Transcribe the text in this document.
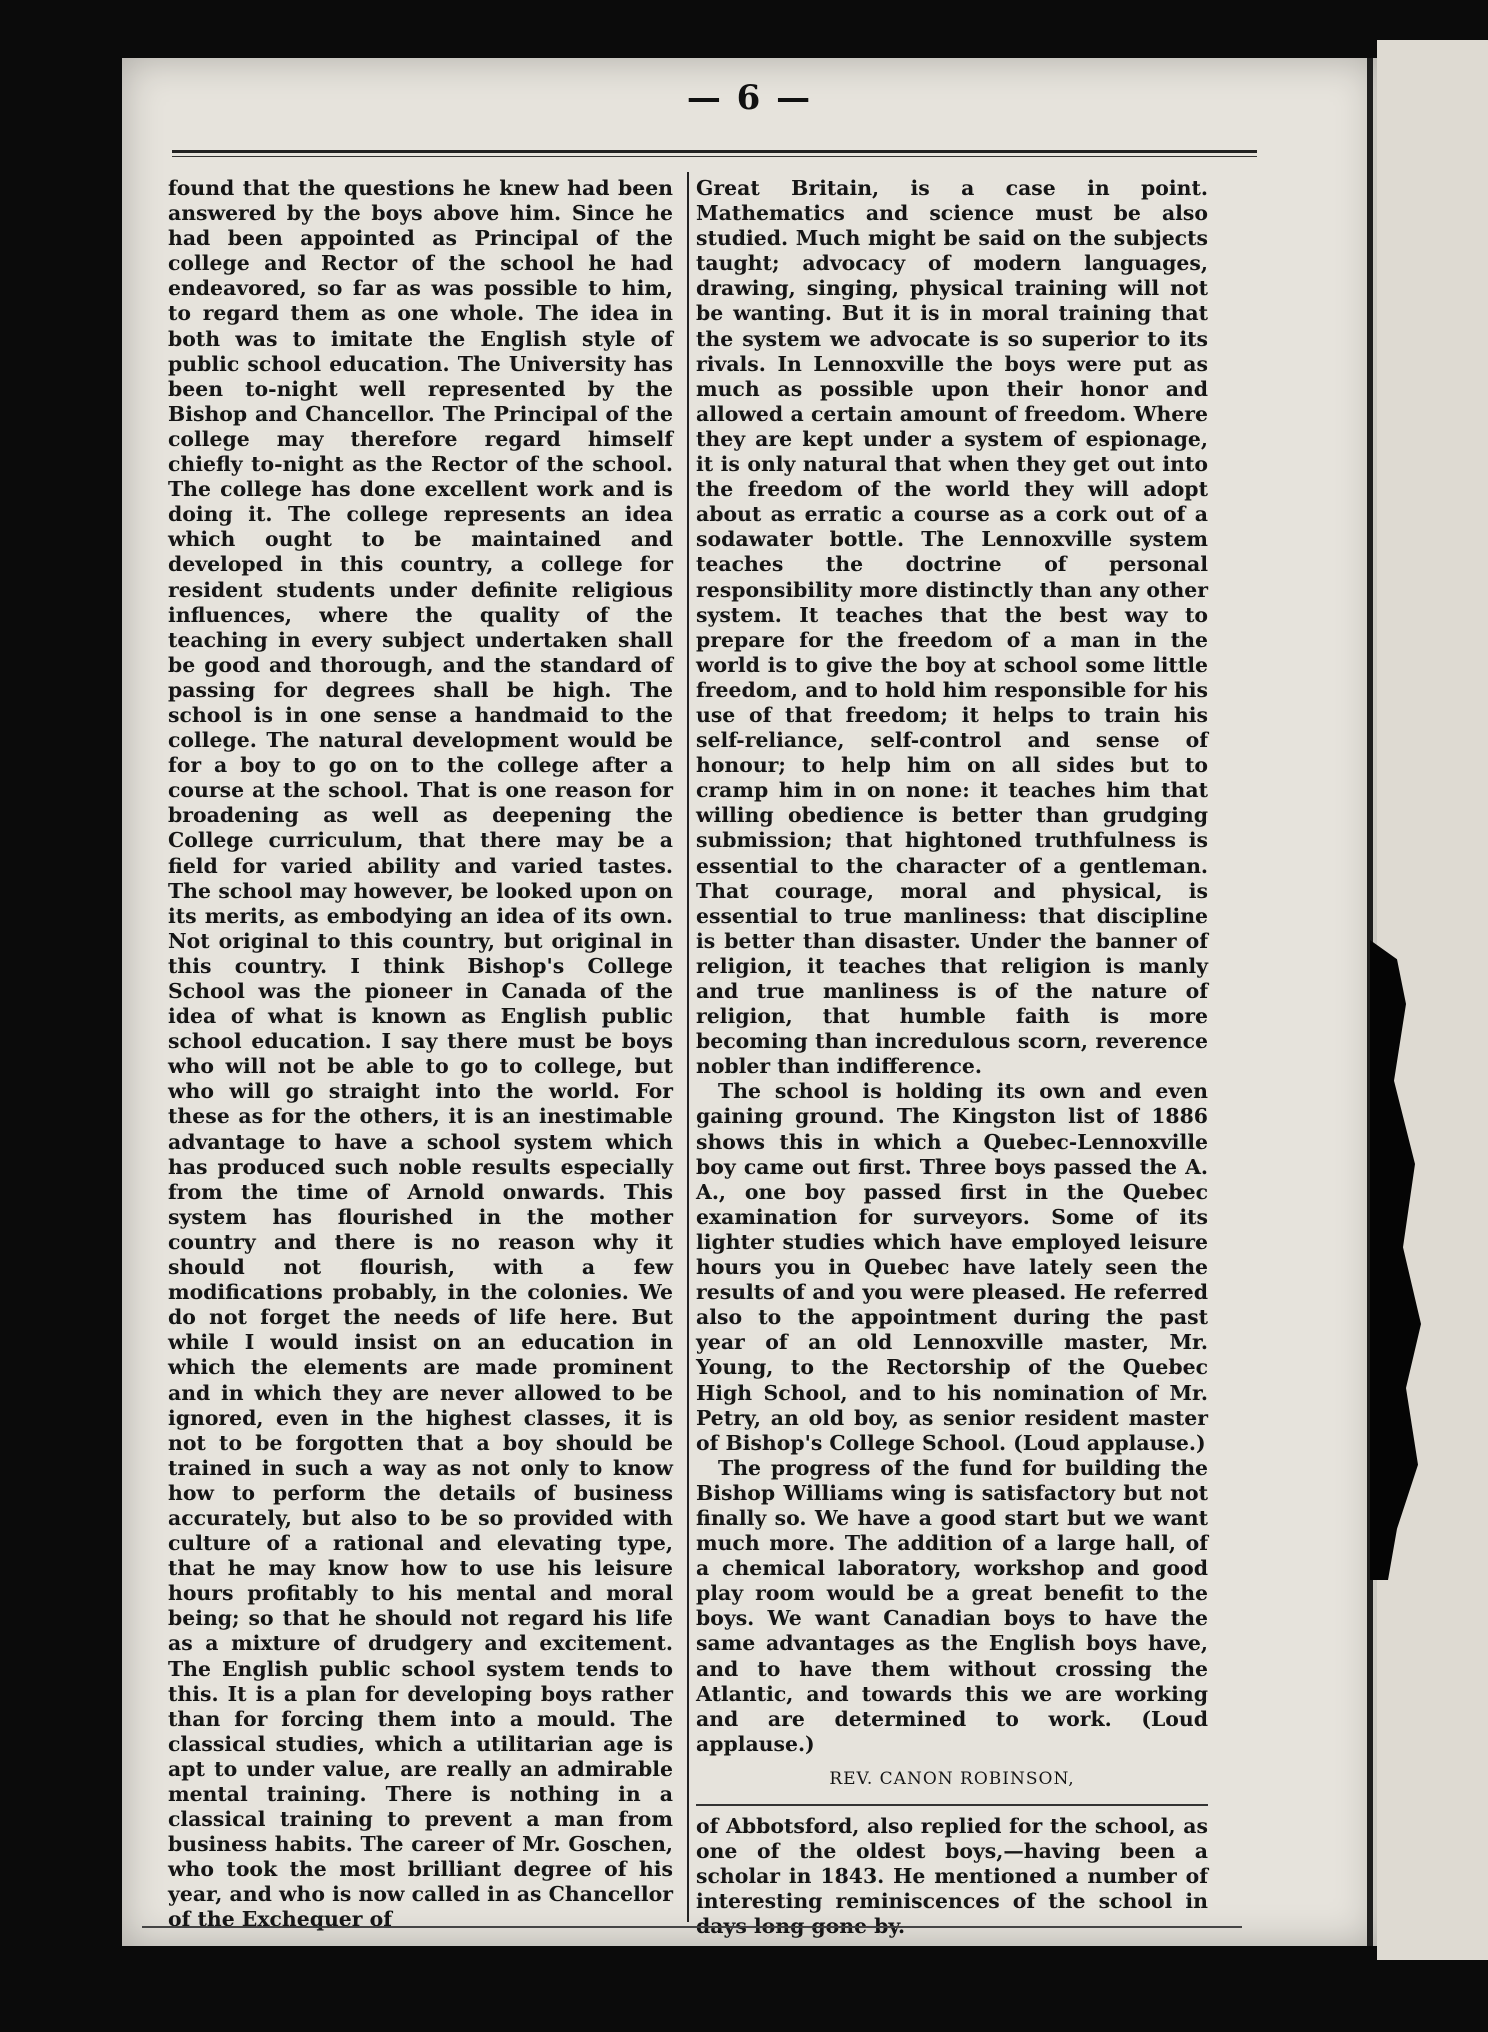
— 6 —

found that the questions he knew had been answered by the boys above him. Since he had been appointed as Principal of the college and Rector of the school he had endeavored, so far as was possible to him, to regard them as one whole. The idea in both was to imitate the English style of public school education. The University has been to-night well represented by the Bishop and Chancellor. The Principal of the college may therefore regard himself chiefly to-night as the Rector of the school. The college has done excellent work and is doing it. The college represents an idea which ought to be maintained and developed in this country, a college for resident students under definite religious influences, where the quality of the teaching in every subject undertaken shall be good and thorough, and the standard of passing for degrees shall be high. The school is in one sense a handmaid to the college. The natural development would be for a boy to go on to the college after a course at the school. That is one reason for broadening as well as deepening the College curriculum, that there may be a field for varied ability and varied tastes. The school may however, be looked upon on its merits, as embodying an idea of its own. Not original to this country, but original in this country. I think Bishop's College School was the pioneer in Canada of the idea of what is known as English public school education. I say there must be boys who will not be able to go to college, but who will go straight into the world. For these as for the others, it is an inestimable advantage to have a school system which has produced such noble results especially from the time of Arnold onwards. This system has flourished in the mother country and there is no reason why it should not flourish, with a few modifications probably, in the colonies. We do not forget the needs of life here. But while I would insist on an education in which the elements are made prominent and in which they are never allowed to be ignored, even in the highest classes, it is not to be forgotten that a boy should be trained in such a way as not only to know how to perform the details of business accurately, but also to be so provided with culture of a rational and elevating type, that he may know how to use his leisure hours profitably to his mental and moral being; so that he should not regard his life as a mixture of drudgery and excitement. The English public school system tends to this. It is a plan for developing boys rather than for forcing them into a mould. The classical studies, which a utilitarian age is apt to under value, are really an admirable mental training. There is nothing in a classical training to prevent a man from business habits. The career of Mr. Goschen, who took the most brilliant degree of his year, and who is now called in as Chancellor of the Exchequer of

Great Britain, is a case in point. Mathematics and science must be also studied. Much might be said on the subjects taught; advocacy of modern languages, drawing, singing, physical training will not be wanting. But it is in moral training that the system we advocate is so superior to its rivals. In Lennoxville the boys were put as much as possible upon their honor and allowed a certain amount of freedom. Where they are kept under a system of espionage, it is only natural that when they get out into the freedom of the world they will adopt about as erratic a course as a cork out of a sodawater bottle. The Lennoxville system teaches the doctrine of personal responsibility more distinctly than any other system. It teaches that the best way to prepare for the freedom of a man in the world is to give the boy at school some little freedom, and to hold him responsible for his use of that freedom; it helps to train his self-reliance, self-control and sense of honour; to help him on all sides but to cramp him in on none: it teaches him that willing obedience is better than grudging submission; that hightoned truthfulness is essential to the character of a gentleman. That courage, moral and physical, is essential to true manliness: that discipline is better than disaster. Under the banner of religion, it teaches that religion is manly and true manliness is of the nature of religion, that humble faith is more becoming than incredulous scorn, reverence nobler than indifference.

The school is holding its own and even gaining ground. The Kingston list of 1886 shows this in which a Quebec-Lennoxville boy came out first. Three boys passed the A. A., one boy passed first in the Quebec examination for surveyors. Some of its lighter studies which have employed leisure hours you in Quebec have lately seen the results of and you were pleased. He referred also to the appointment during the past year of an old Lennoxville master, Mr. Young, to the Rectorship of the Quebec High School, and to his nomination of Mr. Petry, an old boy, as senior resident master of Bishop's College School. (Loud applause.)

The progress of the fund for building the Bishop Williams wing is satisfactory but not finally so. We have a good start but we want much more. The addition of a large hall, of a chemical laboratory, workshop and good play room would be a great benefit to the boys. We want Canadian boys to have the same advantages as the English boys have, and to have them without crossing the Atlantic, and towards this we are working and are determined to work. (Loud applause.)

REV. CANON ROBINSON,

of Abbotsford, also replied for the school, as one of the oldest boys,—having been a scholar in 1843. He mentioned a number of interesting reminiscences of the school in days long gone by.
